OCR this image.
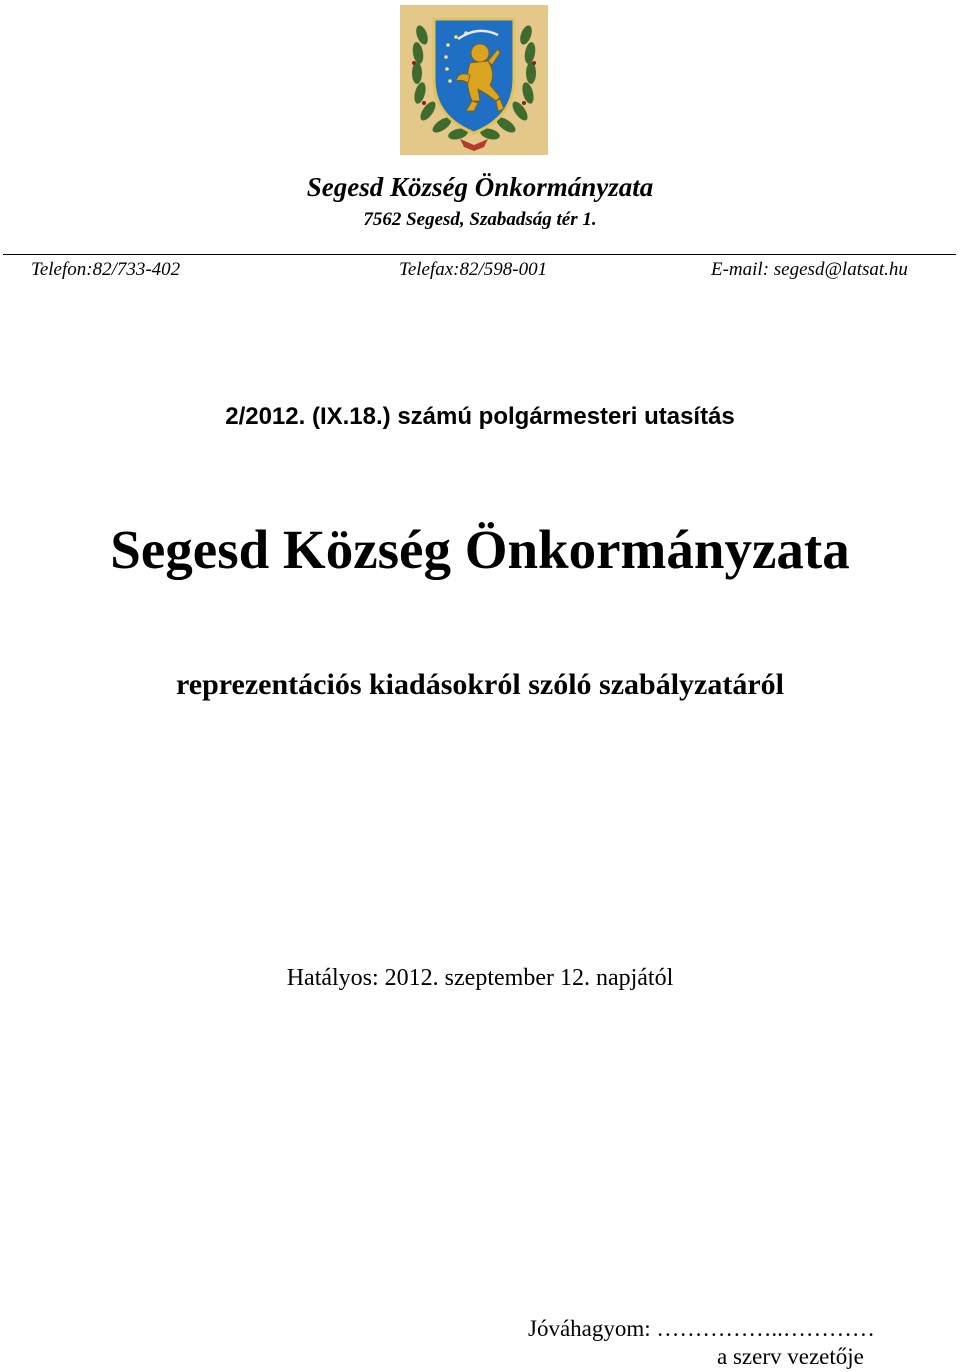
Segesd Község Önkormányzata
7562 Segesd, Szabadság tér 1.
Telefon:82/733-402	Telefax:82/598-001	E-mail: segesd@latsat.hu
2/2012. (IX.18.) számú polgármesteri utasítás
Segesd Község Önkormányzata
reprezentációs kiadásokról szóló szabályzatáról
Hatályos: 2012. szeptember 12. napjától
Jóváhagyom: ……………..…………
a szerv vezetője
